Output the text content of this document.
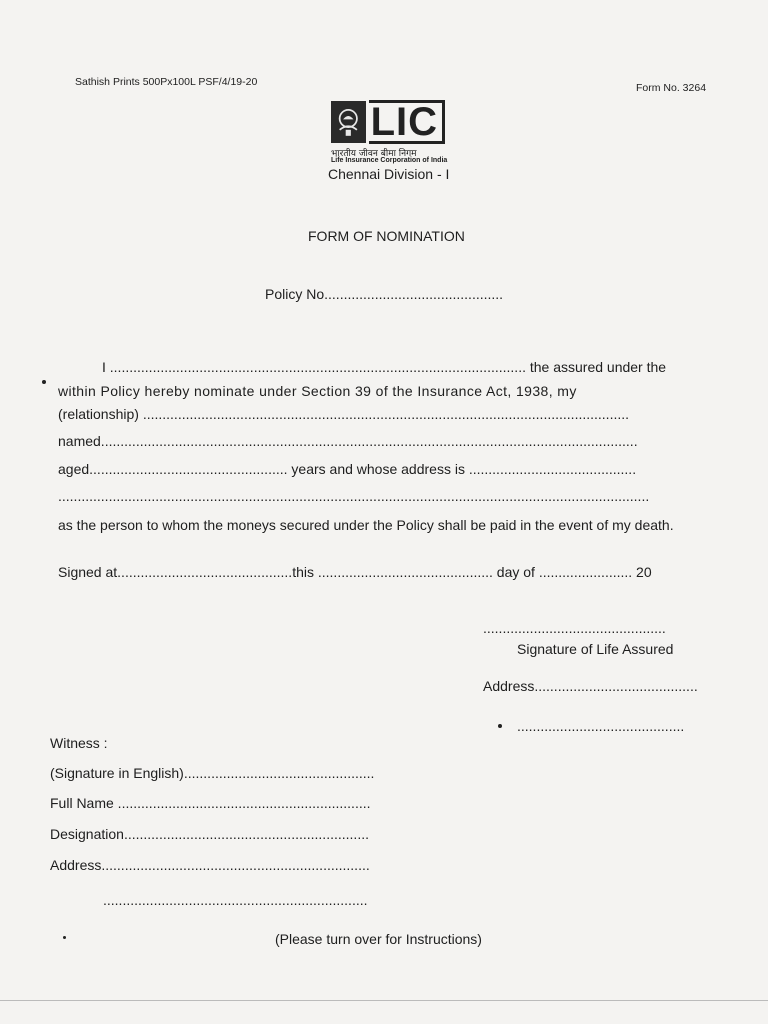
Sathish Prints 500Px100L PSF/4/19-20	Form No. 3264
LIC
भारतीय जीवन बीमा निगम
Life Insurance Corporation of India
Chennai Division - I
FORM OF NOMINATION
Policy No..............................................
I ........................................................................................................... the assured under the
within Policy hereby nominate under Section 39 of the Insurance Act, 1938, my
(relationship) .............................................................................................................................
named..........................................................................................................................................
aged................................................... years and whose address is ...........................................
........................................................................................................................................................
as the person to whom the moneys secured under the Policy shall be paid in the event of my death.
Signed at.............................................this ............................................. day of ........................ 20
...............................................
Signature of Life Assured
Address..........................................
...........................................
Witness :
(Signature in English).................................................
Full Name .................................................................
Designation...............................................................
Address.....................................................................
....................................................................
(Please turn over for Instructions)
